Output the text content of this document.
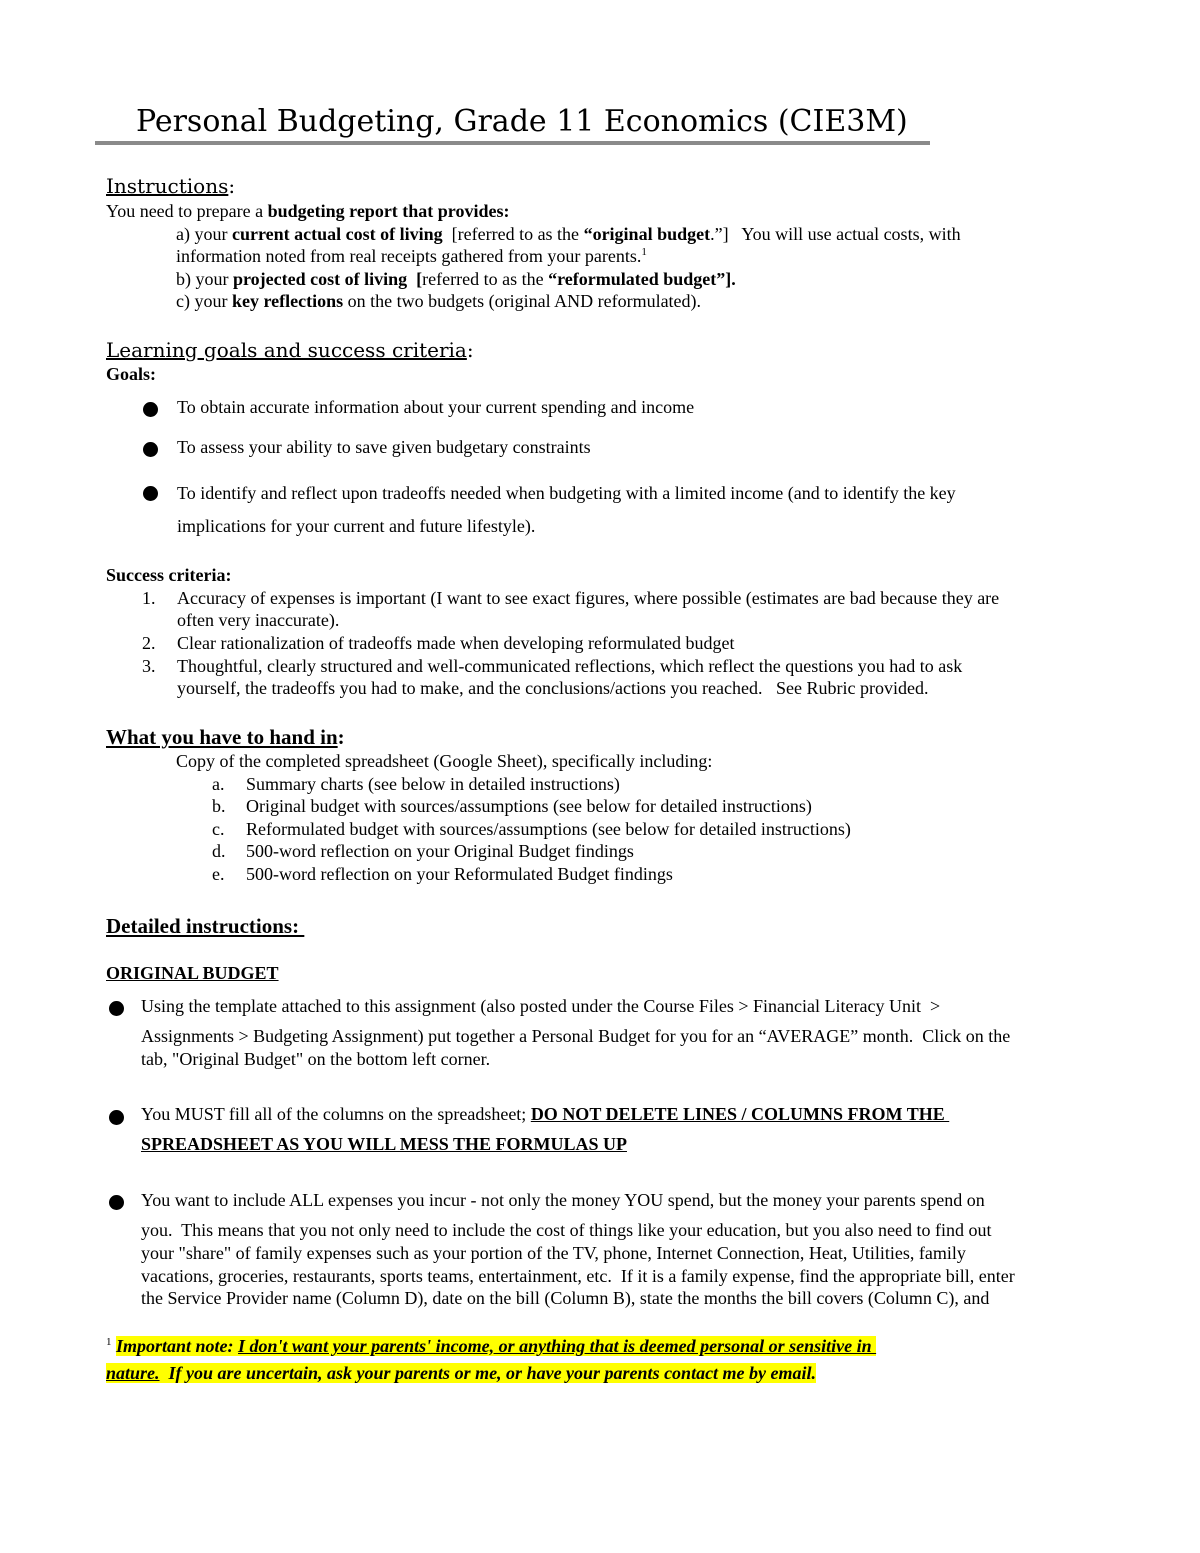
Personal Budgeting, Grade 11 Economics (CIE3M)
Instructions:
You need to prepare a budgeting report that provides:
a) your current actual cost of living  [referred to as the “original budget.”]   You will use actual costs, with
information noted from real receipts gathered from your parents.$^1$
b) your projected cost of living  [referred to as the “reformulated budget”].
c) your key reflections on the two budgets (original AND reformulated).
Learning goals and success criteria:
Goals:
To obtain accurate information about your current spending and income
To assess your ability to save given budgetary constraints
To identify and reflect upon tradeoffs needed when budgeting with a limited income (and to identify the key
implications for your current and future lifestyle).
Success criteria:
1. Accuracy of expenses is important (I want to see exact figures, where possible (estimates are bad because they are
often very inaccurate).
2. Clear rationalization of tradeoffs made when developing reformulated budget
3. Thoughtful, clearly structured and well-communicated reflections, which reflect the questions you had to ask
yourself, the tradeoffs you had to make, and the conclusions/actions you reached.   See Rubric provided.
What you have to hand in:
Copy of the completed spreadsheet (Google Sheet), specifically including:
a. Summary charts (see below in detailed instructions)
b. Original budget with sources/assumptions (see below for detailed instructions)
c. Reformulated budget with sources/assumptions (see below for detailed instructions)
d. 500-word reflection on your Original Budget findings
e. 500-word reflection on your Reformulated Budget findings
Detailed instructions:
ORIGINAL BUDGET
Using the template attached to this assignment (also posted under the Course Files > Financial Literacy Unit  >
Assignments > Budgeting Assignment) put together a Personal Budget for you for an “AVERAGE” month.  Click on the
tab, "Original Budget" on the bottom left corner.
You MUST fill all of the columns on the spreadsheet; DO NOT DELETE LINES / COLUMNS FROM THE
SPREADSHEET AS YOU WILL MESS THE FORMULAS UP
You want to include ALL expenses you incur - not only the money YOU spend, but the money your parents spend on
you.  This means that you not only need to include the cost of things like your education, but you also need to find out
your "share" of family expenses such as your portion of the TV, phone, Internet Connection, Heat, Utilities, family
vacations, groceries, restaurants, sports teams, entertainment, etc.  If it is a family expense, find the appropriate bill, enter
the Service Provider name (Column D), date on the bill (Column B), state the months the bill covers (Column C), and
$^1$ Important note: I don't want your parents' income, or anything that is deemed personal or sensitive in
nature.  If you are uncertain, ask your parents or me, or have your parents contact me by email.
